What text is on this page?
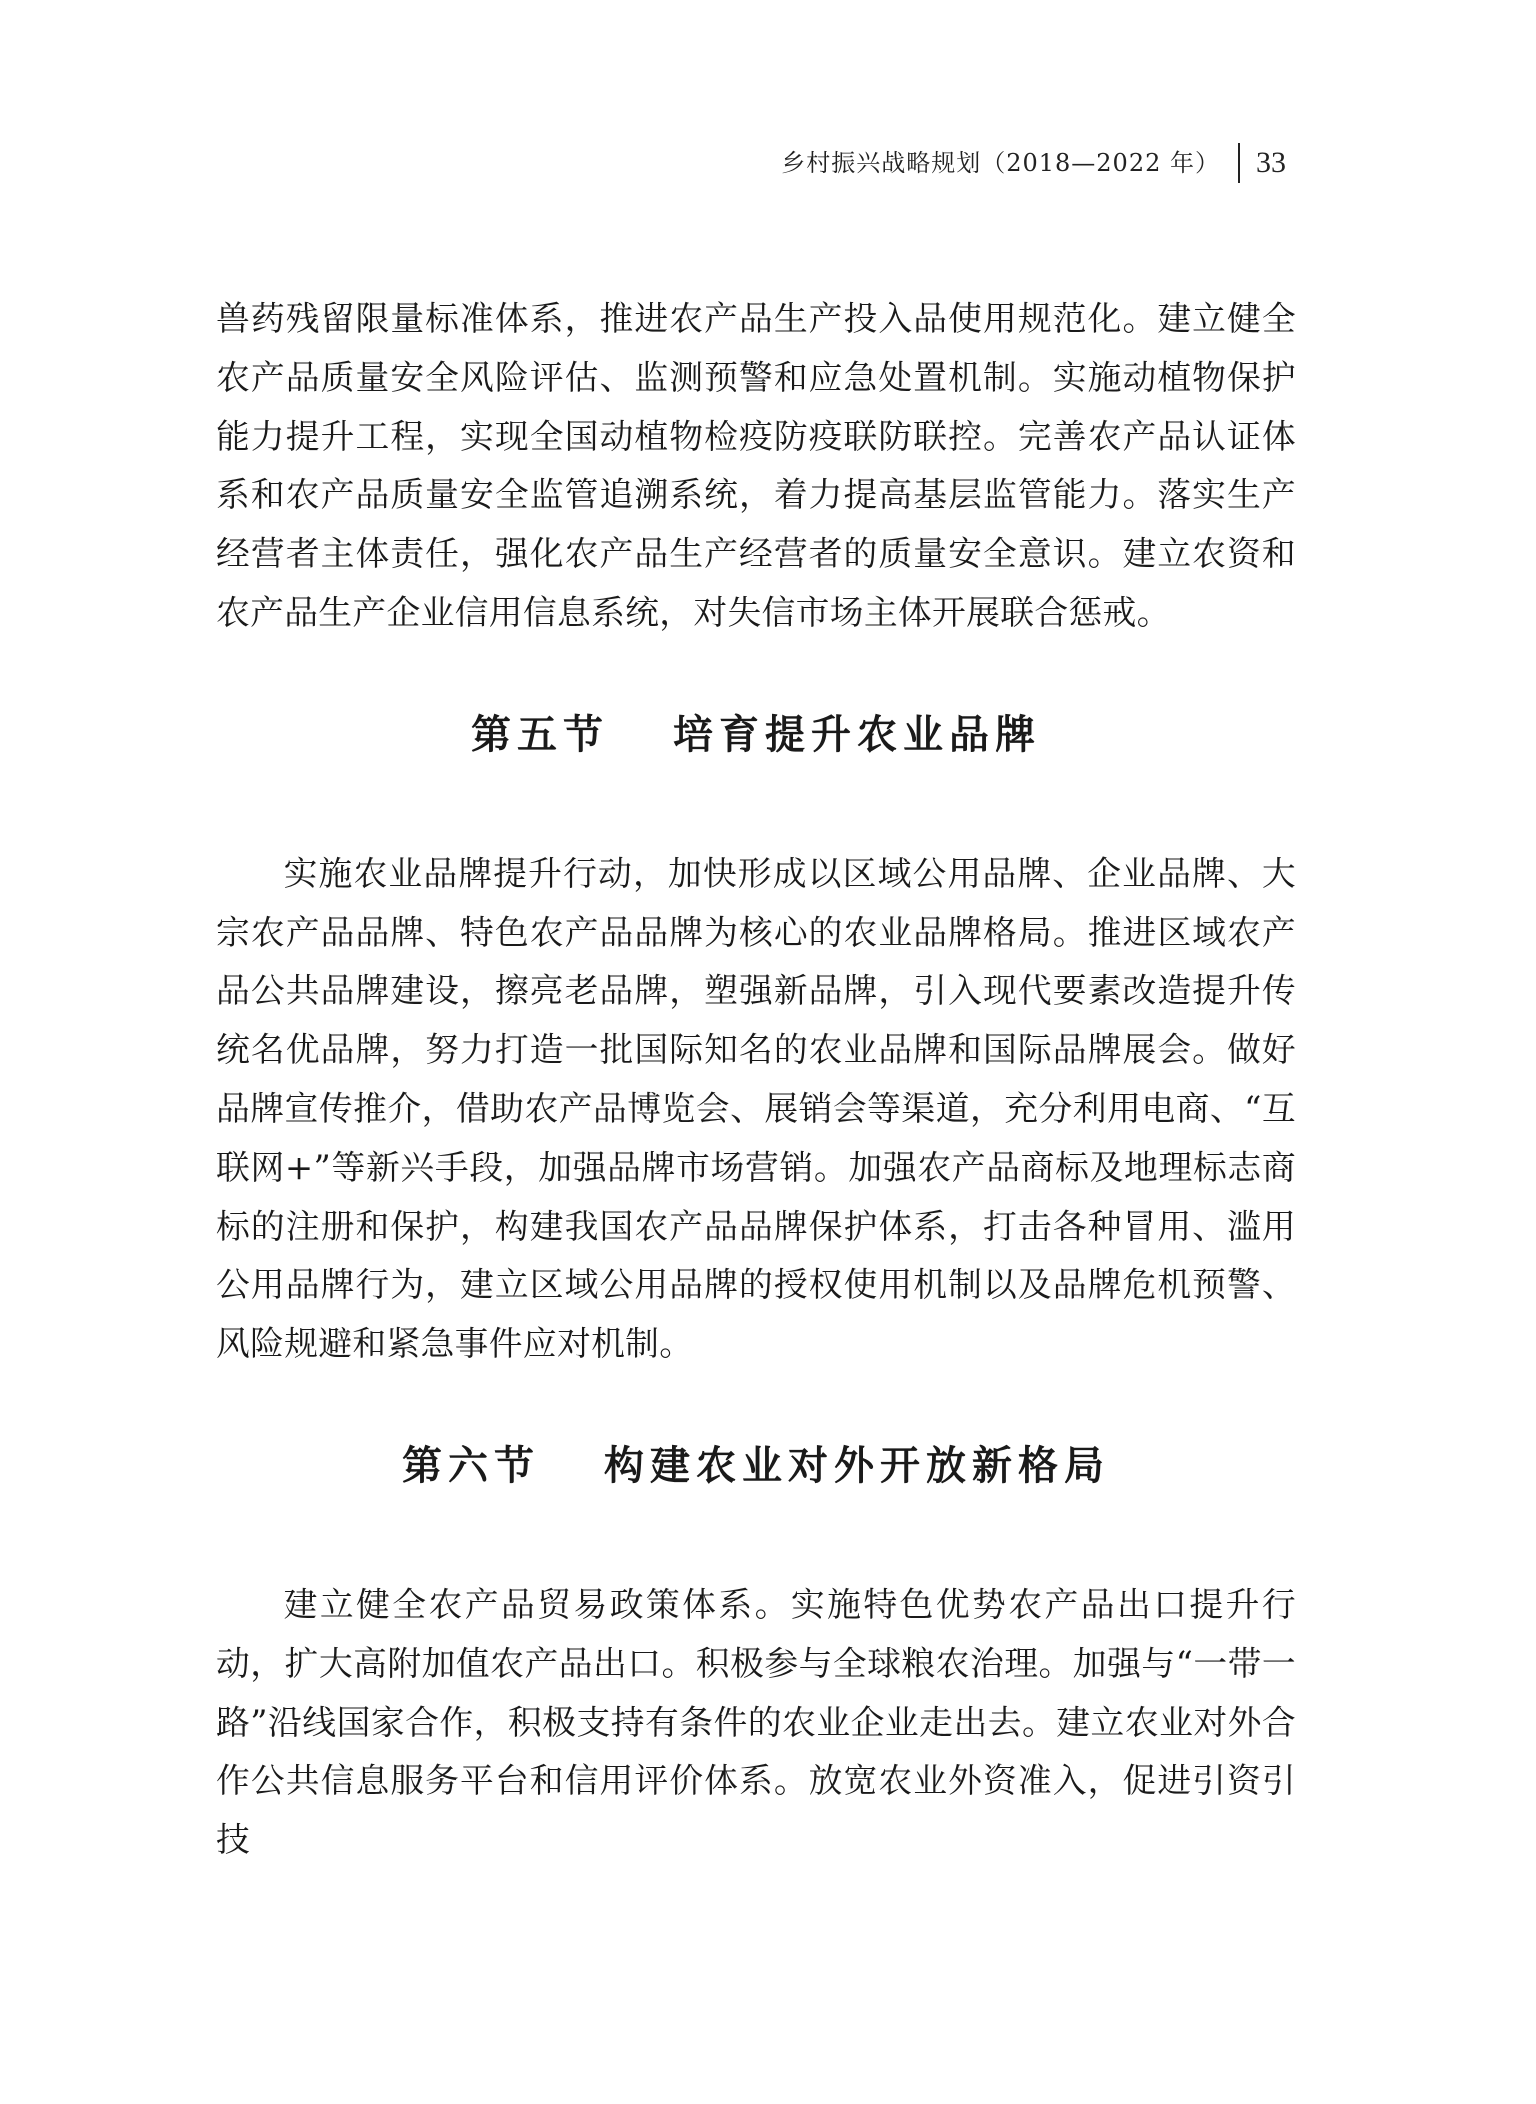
乡村振兴战略规划（2018—2022 年）	33

兽药残留限量标准体系，推进农产品生产投入品使用规范化。建立健全农产品质量安全风险评估、监测预警和应急处置机制。实施动植物保护能力提升工程，实现全国动植物检疫防疫联防联控。完善农产品认证体系和农产品质量安全监管追溯系统，着力提高基层监管能力。落实生产经营者主体责任，强化农产品生产经营者的质量安全意识。建立农资和农产品生产企业信用信息系统，对失信市场主体开展联合惩戒。

第五节 培育提升农业品牌

实施农业品牌提升行动，加快形成以区域公用品牌、企业品牌、大宗农产品品牌、特色农产品品牌为核心的农业品牌格局。推进区域农产品公共品牌建设，擦亮老品牌，塑强新品牌，引入现代要素改造提升传统名优品牌，努力打造一批国际知名的农业品牌和国际品牌展会。做好品牌宣传推介，借助农产品博览会、展销会等渠道，充分利用电商、“互联网+”等新兴手段，加强品牌市场营销。加强农产品商标及地理标志商标的注册和保护，构建我国农产品品牌保护体系，打击各种冒用、滥用公用品牌行为，建立区域公用品牌的授权使用机制以及品牌危机预警、风险规避和紧急事件应对机制。

第六节 构建农业对外开放新格局

建立健全农产品贸易政策体系。实施特色优势农产品出口提升行动，扩大高附加值农产品出口。积极参与全球粮农治理。加强与“一带一路”沿线国家合作，积极支持有条件的农业企业走出去。建立农业对外合作公共信息服务平台和信用评价体系。放宽农业外资准入，促进引资引技
